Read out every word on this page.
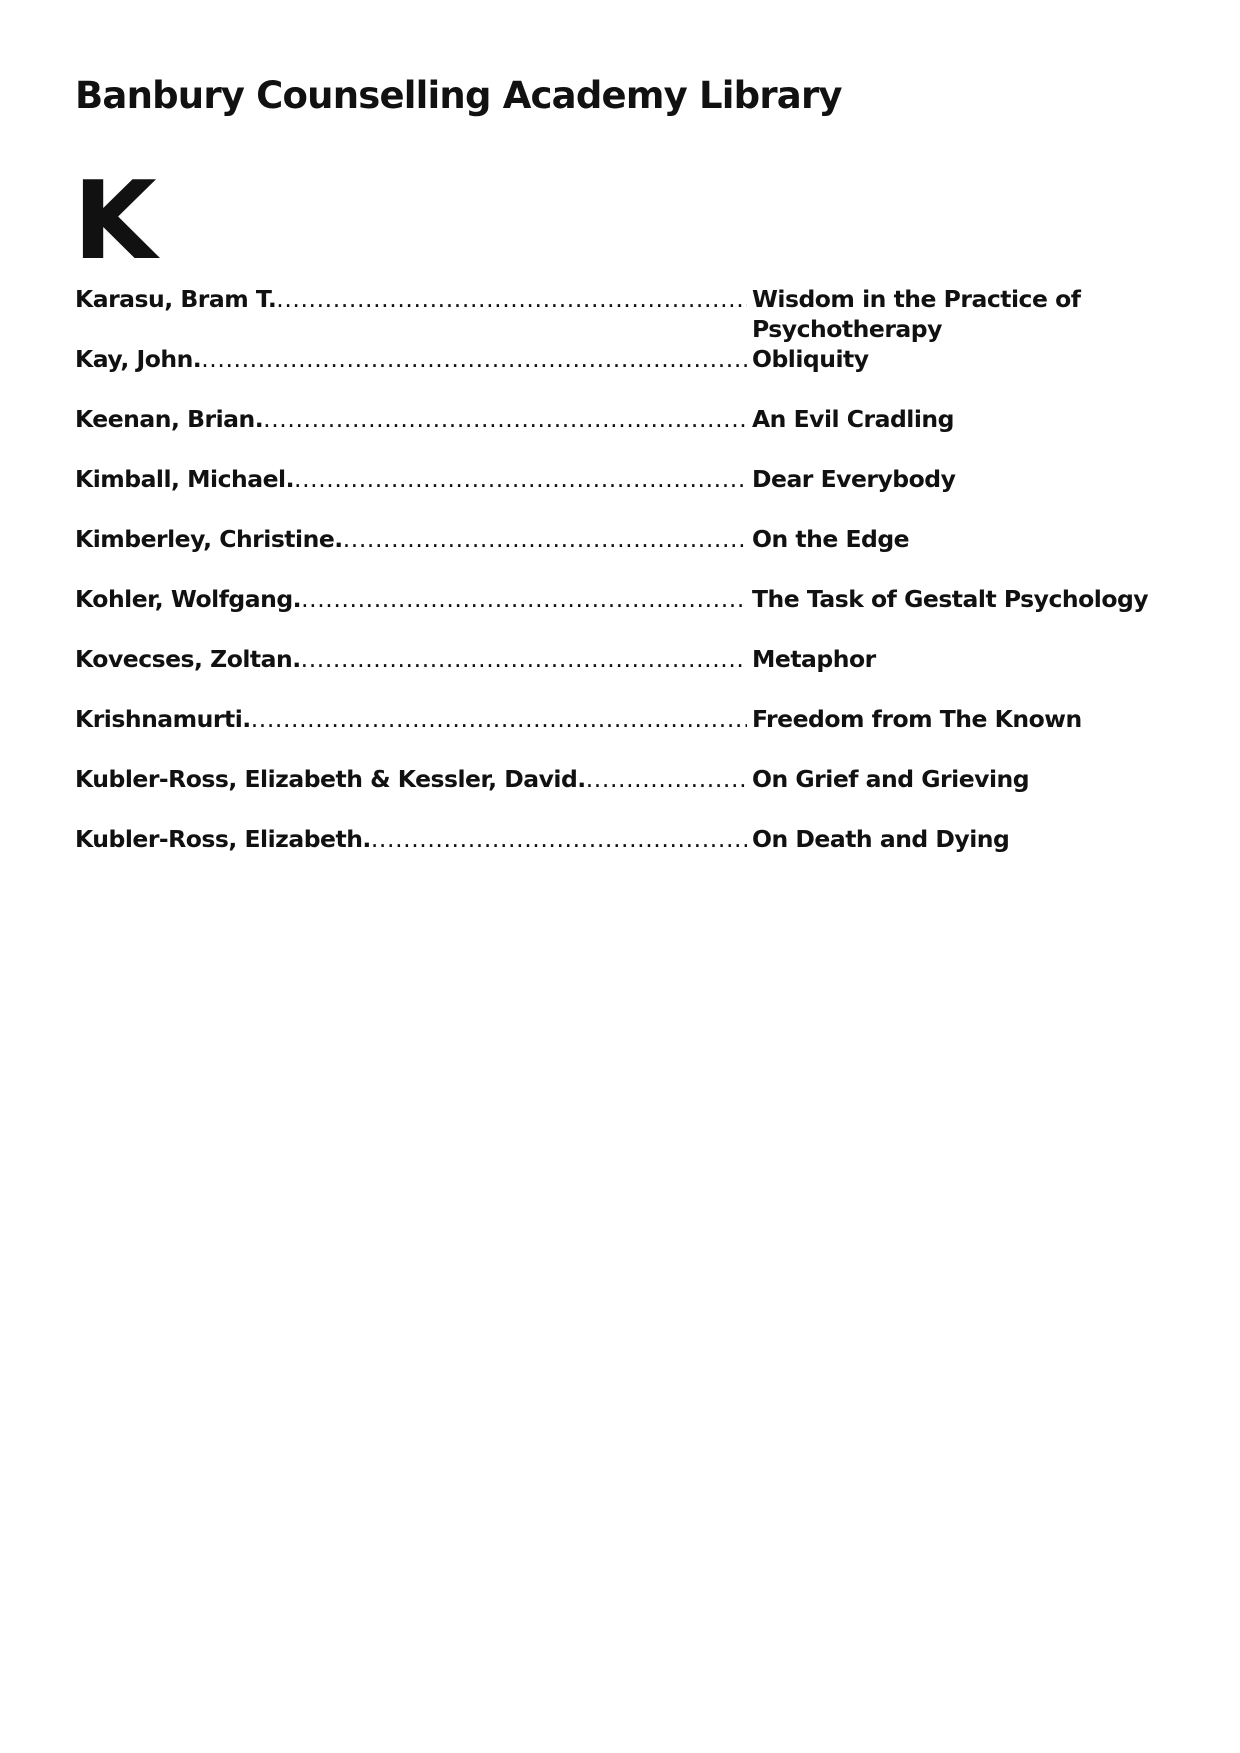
Banbury Counselling Academy Library
K
Karasu, Bram T. .....	Wisdom in the Practice of Psychotherapy
Kay, John. .....	Obliquity
Keenan, Brian. .....	An Evil Cradling
Kimball, Michael. .....	Dear Everybody
Kimberley, Christine. .....	On the Edge
Kohler, Wolfgang. .....	The Task of Gestalt Psychology
Kovecses, Zoltan. .....	Metaphor
Krishnamurti. .....	Freedom from The Known
Kubler-Ross, Elizabeth & Kessler, David. .....	On Grief and Grieving
Kubler-Ross, Elizabeth. .....	On Death and Dying
